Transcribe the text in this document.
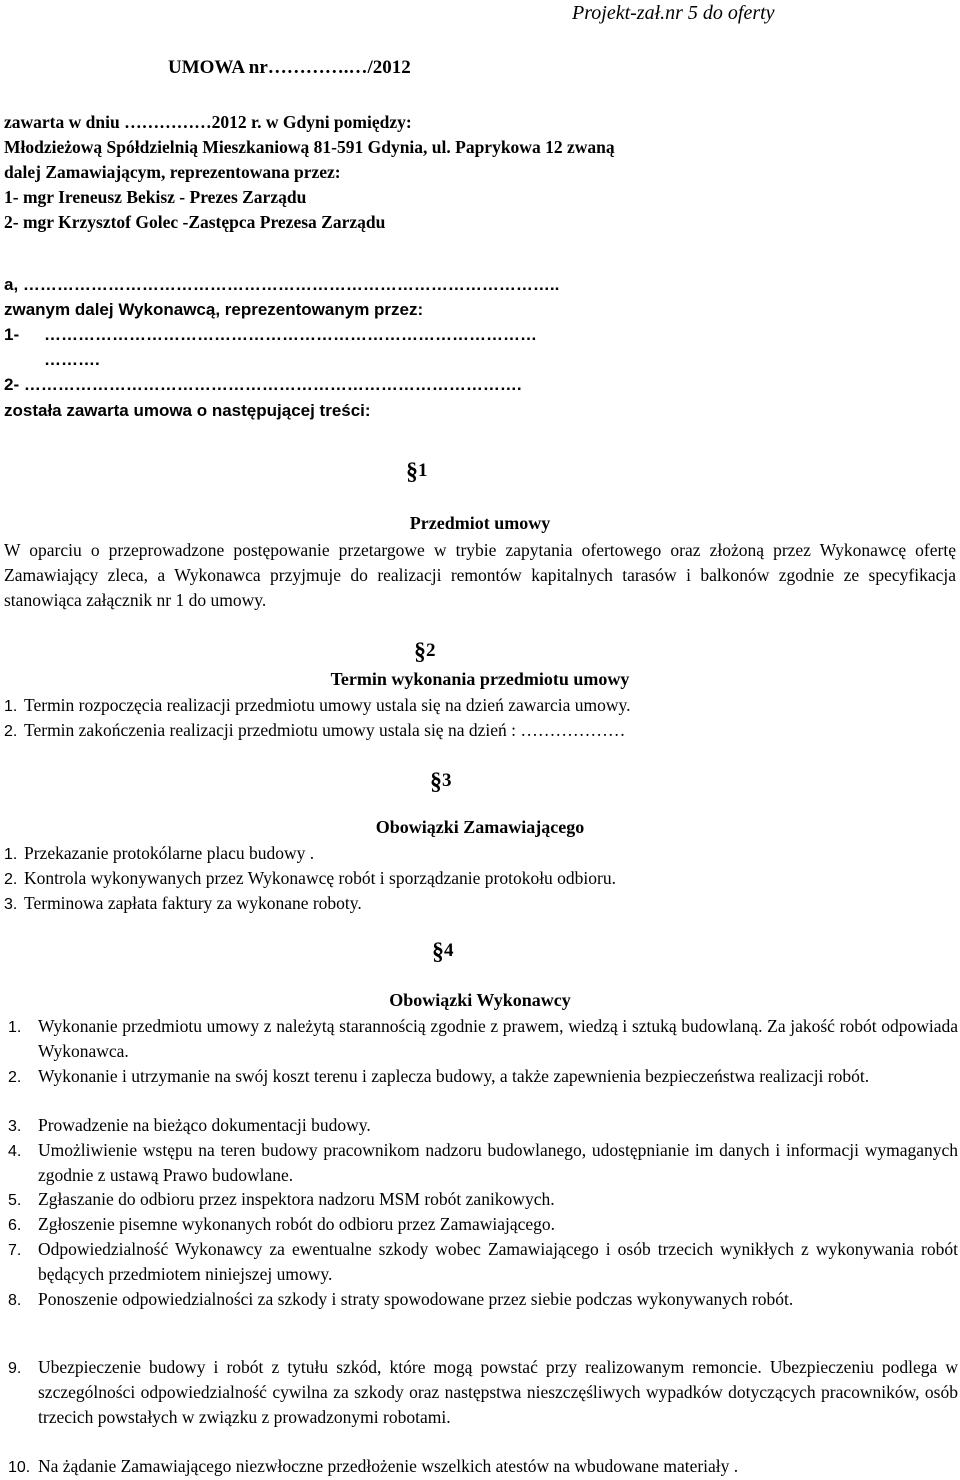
Projekt-zał.nr 5 do oferty
UMOWA nr………….…/2012
zawarta w dniu ……………2012 r. w Gdyni pomiędzy:
Młodzieżową Spółdzielnią Mieszkaniową 81-591 Gdynia, ul. Paprykowa 12 zwaną
dalej Zamawiającym, reprezentowana przez:
1- mgr Ireneusz Bekisz - Prezes Zarządu
2- mgr Krzysztof Golec -Zastępca Prezesa Zarządu
a, …………………………………………………………………………………..
zwanym dalej Wykonawcą, reprezentowanym przez:
1- ……………………………………………………………………………
……….
2- …………………………………………………………………………….
została zawarta umowa o następującej treści:
§1
Przedmiot umowy
W oparciu o przeprowadzone postępowanie przetargowe w trybie zapytania ofertowego oraz złożoną przez Wykonawcę ofertę Zamawiający zleca, a Wykonawca przyjmuje do realizacji remontów kapitalnych tarasów i balkonów zgodnie ze specyfikacja stanowiąca załącznik nr 1 do umowy.
§2
Termin wykonania przedmiotu umowy
1. Termin rozpoczęcia realizacji przedmiotu umowy ustala się na dzień zawarcia umowy.
2. Termin zakończenia realizacji przedmiotu umowy ustala się na dzień : ………………
§3
Obowiązki Zamawiającego
1. Przekazanie protokólarne placu budowy .
2. Kontrola wykonywanych przez Wykonawcę robót i sporządzanie protokołu odbioru.
3. Terminowa zapłata faktury za wykonane roboty.
§4
Obowiązki Wykonawcy
1. Wykonanie przedmiotu umowy z należytą starannością zgodnie z prawem, wiedzą i sztuką budowlaną. Za jakość robót odpowiada Wykonawca.
2. Wykonanie i utrzymanie na swój koszt terenu i zaplecza budowy, a także zapewnienia bezpieczeństwa realizacji robót.
3. Prowadzenie na bieżąco dokumentacji budowy.
4. Umożliwienie wstępu na teren budowy pracownikom nadzoru budowlanego, udostępnianie im danych i informacji wymaganych zgodnie z ustawą Prawo budowlane.
5. Zgłaszanie do odbioru przez inspektora nadzoru MSM robót zanikowych.
6. Zgłoszenie pisemne wykonanych robót do odbioru przez Zamawiającego.
7. Odpowiedzialność Wykonawcy za ewentualne szkody wobec Zamawiającego i osób trzecich wynikłych z wykonywania robót będących przedmiotem niniejszej umowy.
8. Ponoszenie odpowiedzialności za szkody i straty spowodowane przez siebie podczas wykonywanych robót.
9. Ubezpieczenie budowy i robót z tytułu szkód, które mogą powstać przy realizowanym remoncie. Ubezpieczeniu podlega w szczególności odpowiedzialność cywilna za szkody oraz następstwa nieszczęśliwych wypadków dotyczących pracowników, osób trzecich powstałych w związku z prowadzonymi robotami.
10. Na żądanie Zamawiającego niezwłoczne przedłożenie wszelkich atestów na wbudowane materiały .
